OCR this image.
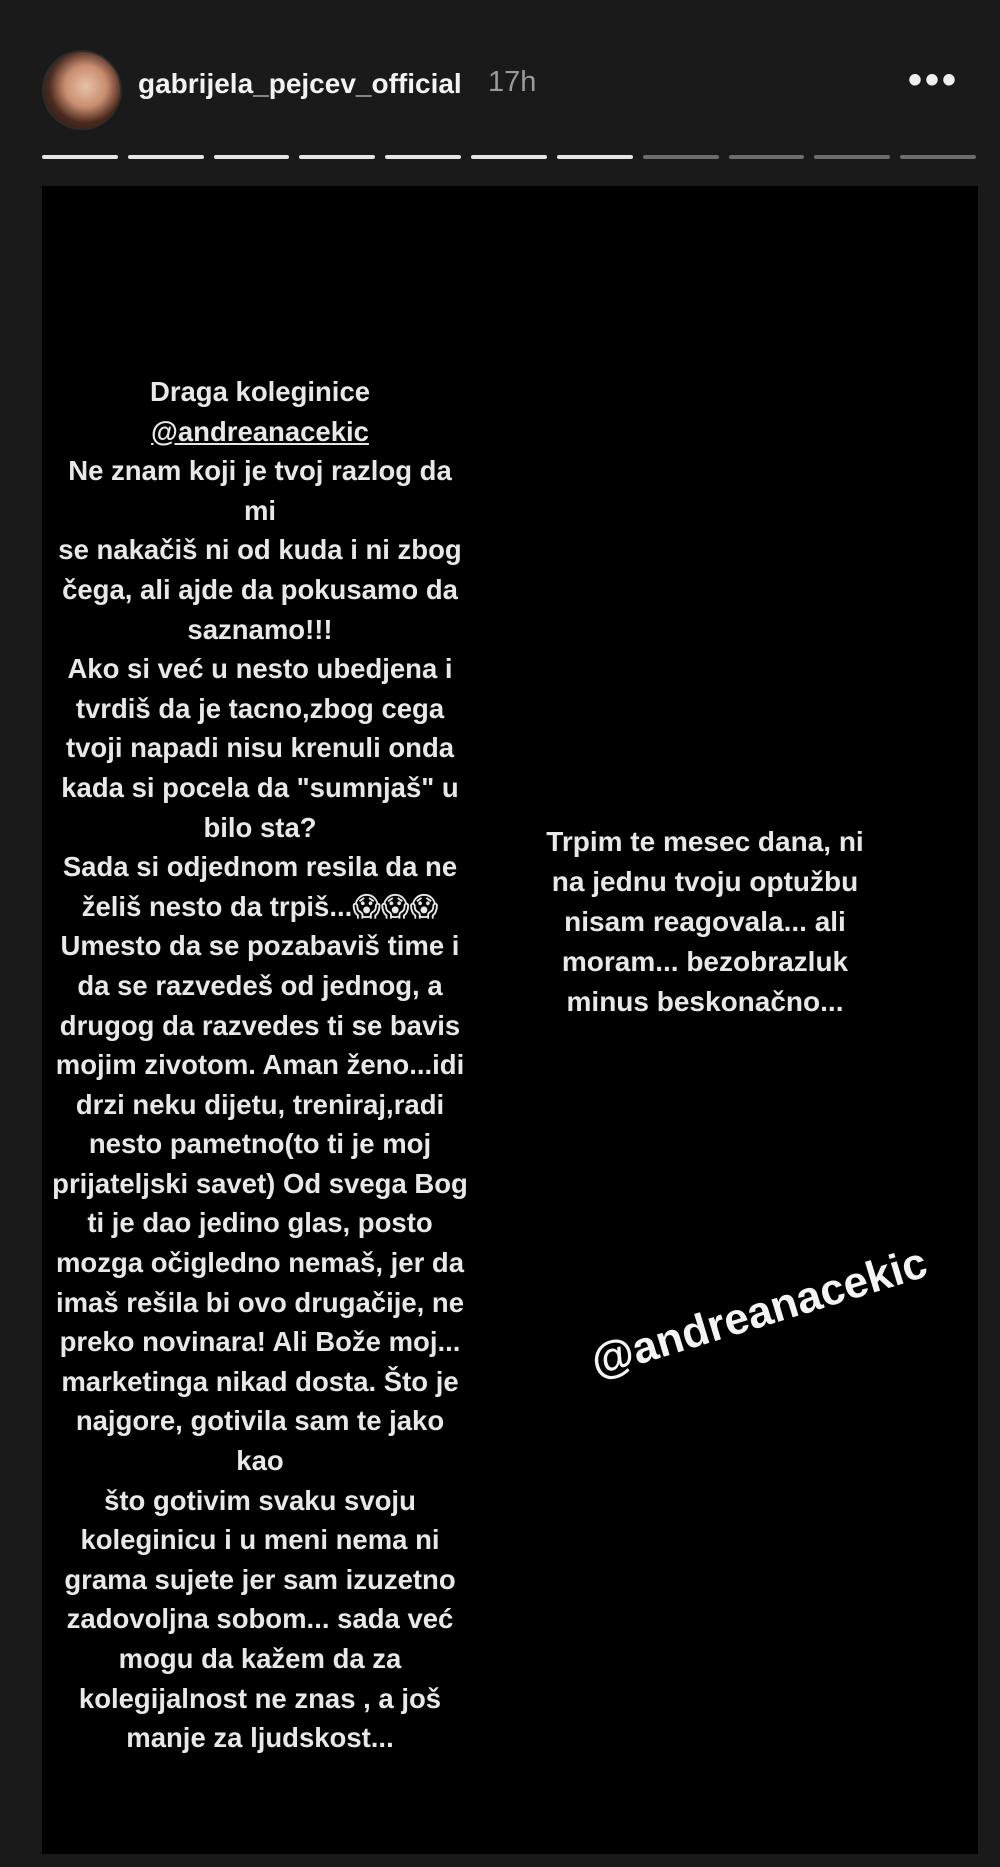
gabrijela_pejcev_official 17h	•••
Draga koleginice
@andreanacekic
Ne znam koji je tvoj razlog da mi
se nakačiš ni od kuda i ni zbog
čega, ali ajde da pokusamo da
saznamo!!!
Ako si već u nesto ubedjena i
tvrdiš da je tacno,zbog cega
tvoji napadi nisu krenuli onda
kada si pocela da "sumnjaš" u
bilo sta?
Sada si odjednom resila da ne
želiš nesto da trpiš...😱😱😱
Umesto da se pozabaviš time i
da se razvedeš od jednog, a
drugog da razvedes ti se bavis
mojim zivotom. Aman ženo...idi
drzi neku dijetu, treniraj,radi
nesto pametno(to ti je moj
prijateljski savet) Od svega Bog
ti je dao jedino glas, posto
mozga očigledno nemaš, jer da
imaš rešila bi ovo drugačije, ne
preko novinara! Ali Bože moj...
marketinga nikad dosta. Što je
najgore, gotivila sam te jako kao
što gotivim svaku svoju
koleginicu i u meni nema ni
grama sujete jer sam izuzetno
zadovoljna sobom... sada već
mogu da kažem da za
kolegijalnost ne znas , a još
manje za ljudskost...
Trpim te mesec dana, ni
na jednu tvoju optužbu
nisam reagovala... ali
moram... bezobrazluk
minus beskonačno...
@andreanacekic
